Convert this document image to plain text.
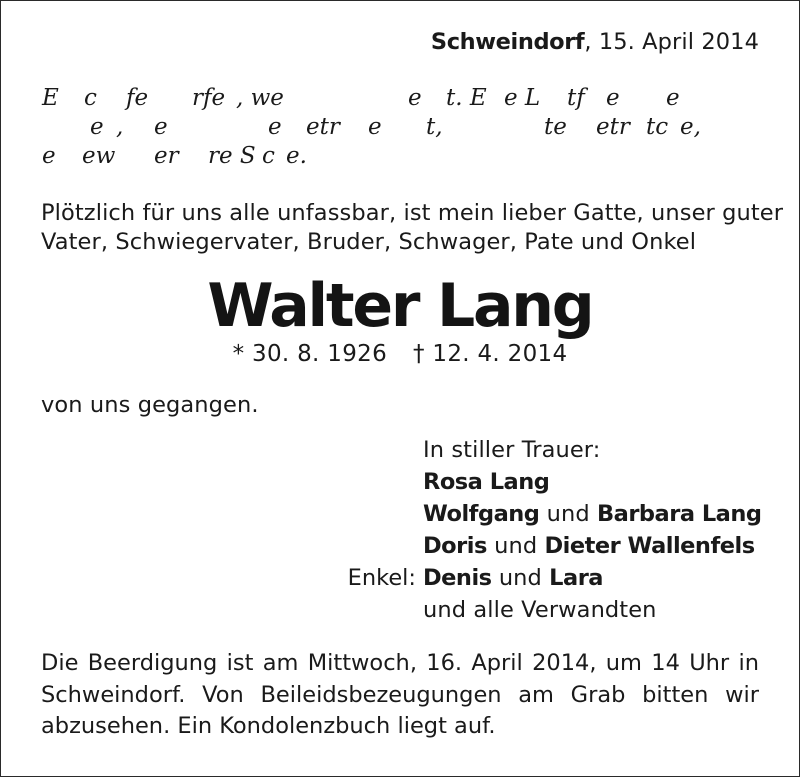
Schweindorf, 15. April 2014
E c fe rfe , we	e t. E e L tf e e
e , e	e etr e t,	te etr tc e,
e ew er re S c e.
Plötzlich für uns alle unfassbar, ist mein lieber Gatte, unser guter
Vater, Schwiegervater, Bruder, Schwager, Pate und Onkel
Walter Lang
* 30. 8. 1926 † 12. 4. 2014
von uns gegangen.
In stiller Trauer:
Rosa Lang
Wolfgang und Barbara Lang
Doris und Dieter Wallenfels
Enkel: Denis und Lara
und alle Verwandten
Die Beerdigung ist am Mittwoch, 16. April 2014, um 14 Uhr in
Schweindorf. Von Beileidsbezeugungen am Grab bitten wir
abzusehen. Ein Kondolenzbuch liegt auf.
